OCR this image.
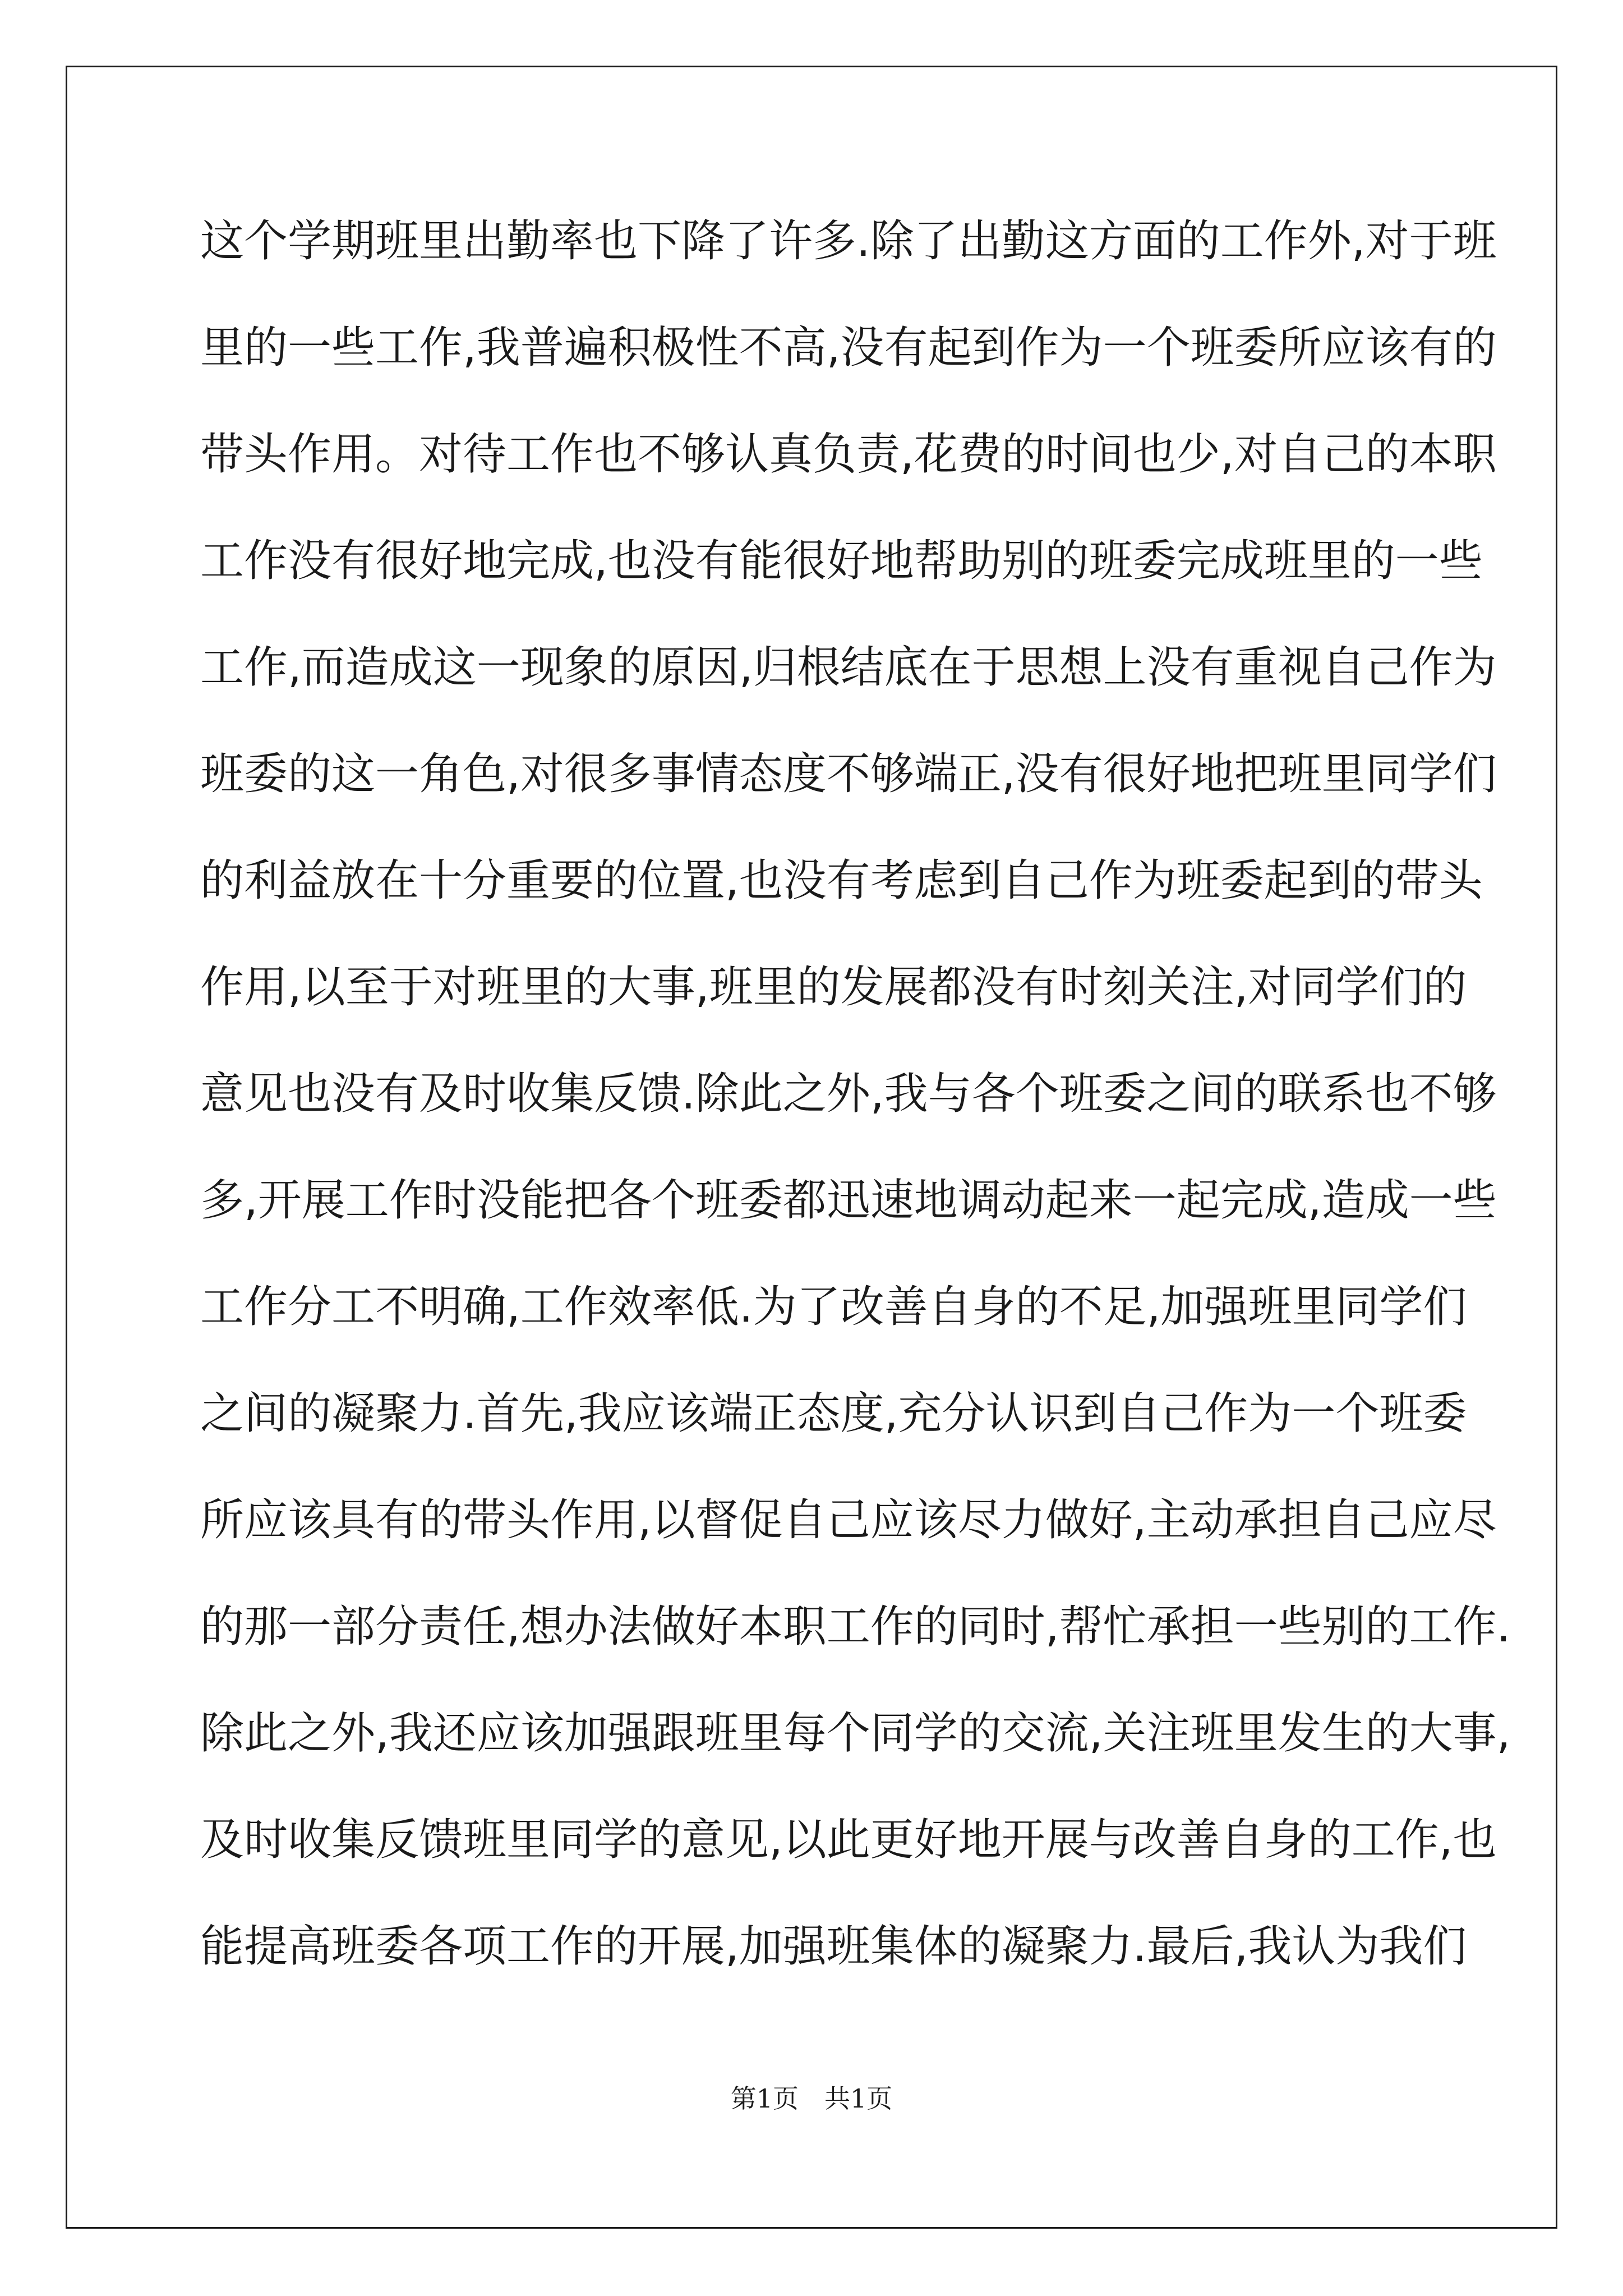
这个学期班里出勤率也下降了许多.除了出勤这方面的工作外,对于班
里的一些工作,我普遍积极性不高,没有起到作为一个班委所应该有的
带头作用。对待工作也不够认真负责,花费的时间也少,对自己的本职
工作没有很好地完成,也没有能很好地帮助别的班委完成班里的一些
工作,而造成这一现象的原因,归根结底在于思想上没有重视自己作为
班委的这一角色,对很多事情态度不够端正,没有很好地把班里同学们
的利益放在十分重要的位置,也没有考虑到自己作为班委起到的带头
作用,以至于对班里的大事,班里的发展都没有时刻关注,对同学们的
意见也没有及时收集反馈.除此之外,我与各个班委之间的联系也不够
多,开展工作时没能把各个班委都迅速地调动起来一起完成,造成一些
工作分工不明确,工作效率低.为了改善自身的不足,加强班里同学们
之间的凝聚力.首先,我应该端正态度,充分认识到自己作为一个班委
所应该具有的带头作用,以督促自己应该尽力做好,主动承担自己应尽
的那一部分责任,想办法做好本职工作的同时,帮忙承担一些别的工作.
除此之外,我还应该加强跟班里每个同学的交流,关注班里发生的大事,
及时收集反馈班里同学的意见,以此更好地开展与改善自身的工作,也
能提高班委各项工作的开展,加强班集体的凝聚力.最后,我认为我们
第1页 共1页
